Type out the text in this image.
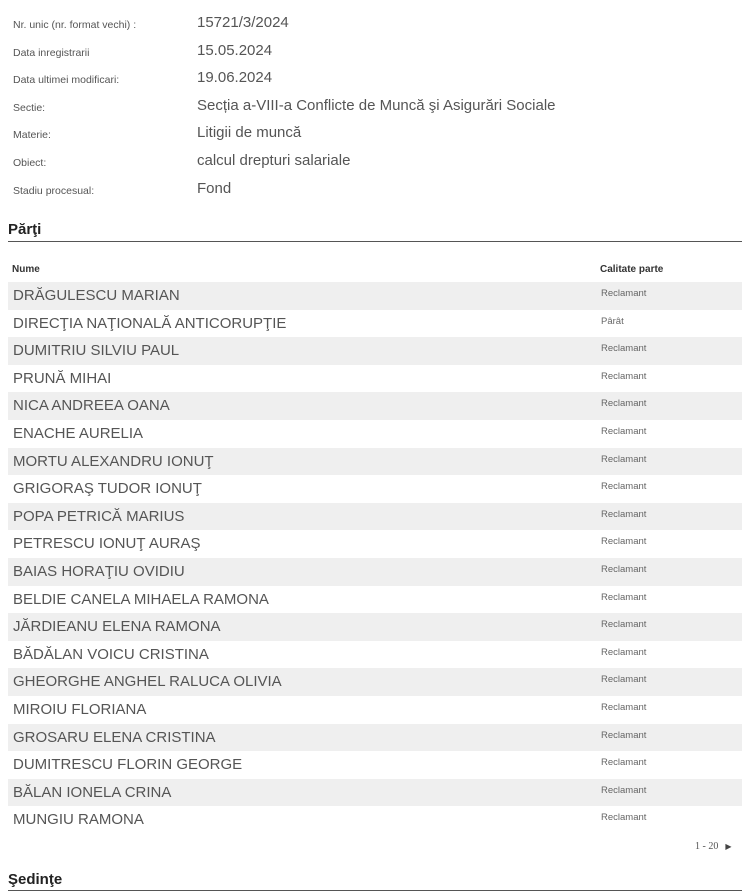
Nr. unic (nr. format vechi) :	15721/3/2024
Data inregistrarii	15.05.2024
Data ultimei modificari:	19.06.2024
Sectie:	Secția a-VIII-a Conflicte de Muncă şi Asigurări Sociale
Materie:	Litigii de muncă
Obiect:	calcul drepturi salariale
Stadiu procesual:	Fond
Părţi
Nume	Calitate parte
DRĂGULESCU MARIAN	Reclamant
DIRECŢIA NAŢIONALĂ ANTICORUPŢIE	Pârât
DUMITRIU SILVIU PAUL	Reclamant
PRUNĂ MIHAI	Reclamant
NICA ANDREEA OANA	Reclamant
ENACHE AURELIA	Reclamant
MORTU ALEXANDRU IONUŢ	Reclamant
GRIGORAŞ TUDOR IONUŢ	Reclamant
POPA PETRICĂ MARIUS	Reclamant
PETRESCU IONUŢ AURAŞ	Reclamant
BAIAS HORAŢIU OVIDIU	Reclamant
BELDIE CANELA MIHAELA RAMONA	Reclamant
JĂRDIEANU ELENA RAMONA	Reclamant
BĂDĂLAN VOICU CRISTINA	Reclamant
GHEORGHE ANGHEL RALUCA OLIVIA	Reclamant
MIROIU FLORIANA	Reclamant
GROSARU ELENA CRISTINA	Reclamant
DUMITRESCU FLORIN GEORGE	Reclamant
BĂLAN IONELA CRINA	Reclamant
MUNGIU RAMONA	Reclamant
1 - 20 ▶
Şedinţe
